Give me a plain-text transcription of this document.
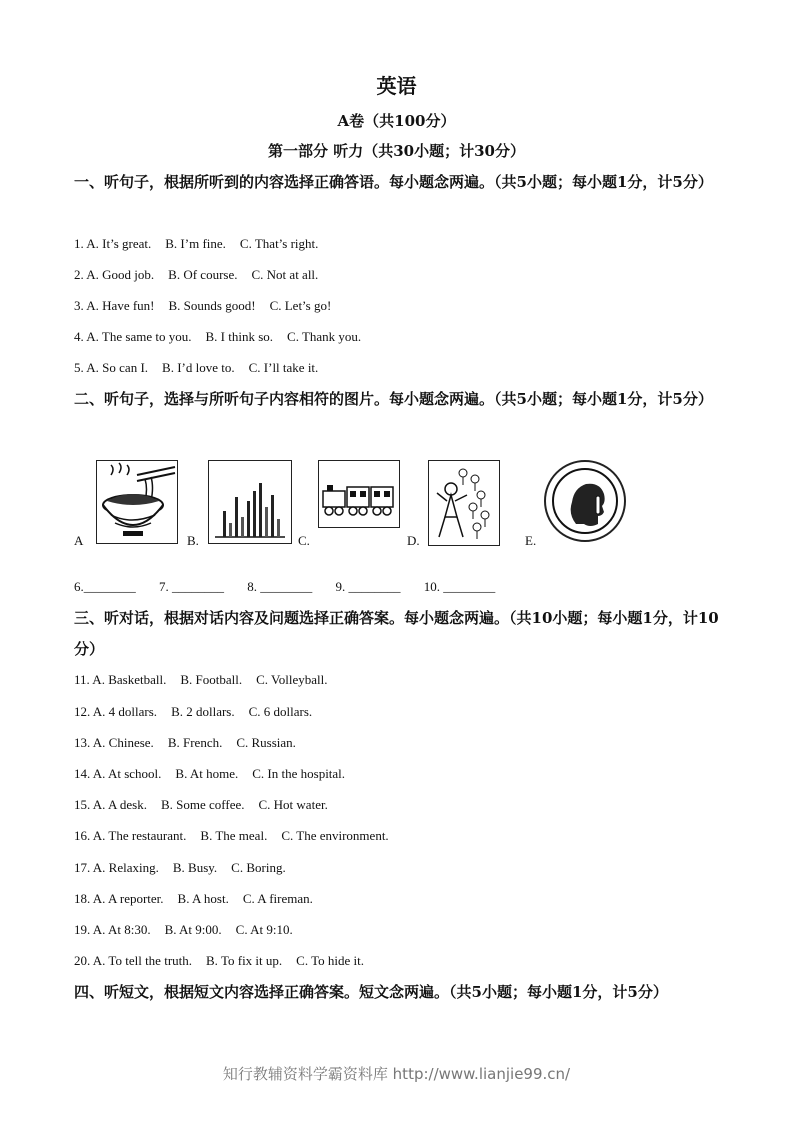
英语
A卷（共100分）
第一部分 听力（共30小题；计30分）
一、听句子，根据所听到的内容选择正确答语。每小题念两遍。（共5小题；每小题1分，计5分）
1. A. It’s great. B. I’m fine. C. That’s right.
2. A. Good job. B. Of course. C. Not at all.
3. A. Have fun! B. Sounds good! C. Let’s go!
4. A. The same to you. B. I think so. C. Thank you.
5. A. So can I. B. I’d love to. C. I’ll take it.
二、听句子，选择与所听句子内容相符的图片。每小题念两遍。（共5小题；每小题1分，计5分）
A	B.	C.	D.	E.
6.________ 7. ________ 8. ________ 9. ________ 10. ________
三、听对话，根据对话内容及问题选择正确答案。每小题念两遍。（共10小题；每小题1分，计10分）
11. A. Basketball. B. Football. C. Volleyball.
12. A. 4 dollars. B. 2 dollars. C. 6 dollars.
13. A. Chinese. B. French. C. Russian.
14. A. At school. B. At home. C. In the hospital.
15. A. A desk. B. Some coffee. C. Hot water.
16. A. The restaurant. B. The meal. C. The environment.
17. A. Relaxing. B. Busy. C. Boring.
18. A. A reporter. B. A host. C. A fireman.
19. A. At 8:30. B. At 9:00. C. At 9:10.
20. A. To tell the truth. B. To fix it up. C. To hide it.
四、听短文，根据短文内容选择正确答案。短文念两遍。（共5小题；每小题1分，计5分）
知行教辅资料学霸资料库 http://www.lianjie99.cn/
